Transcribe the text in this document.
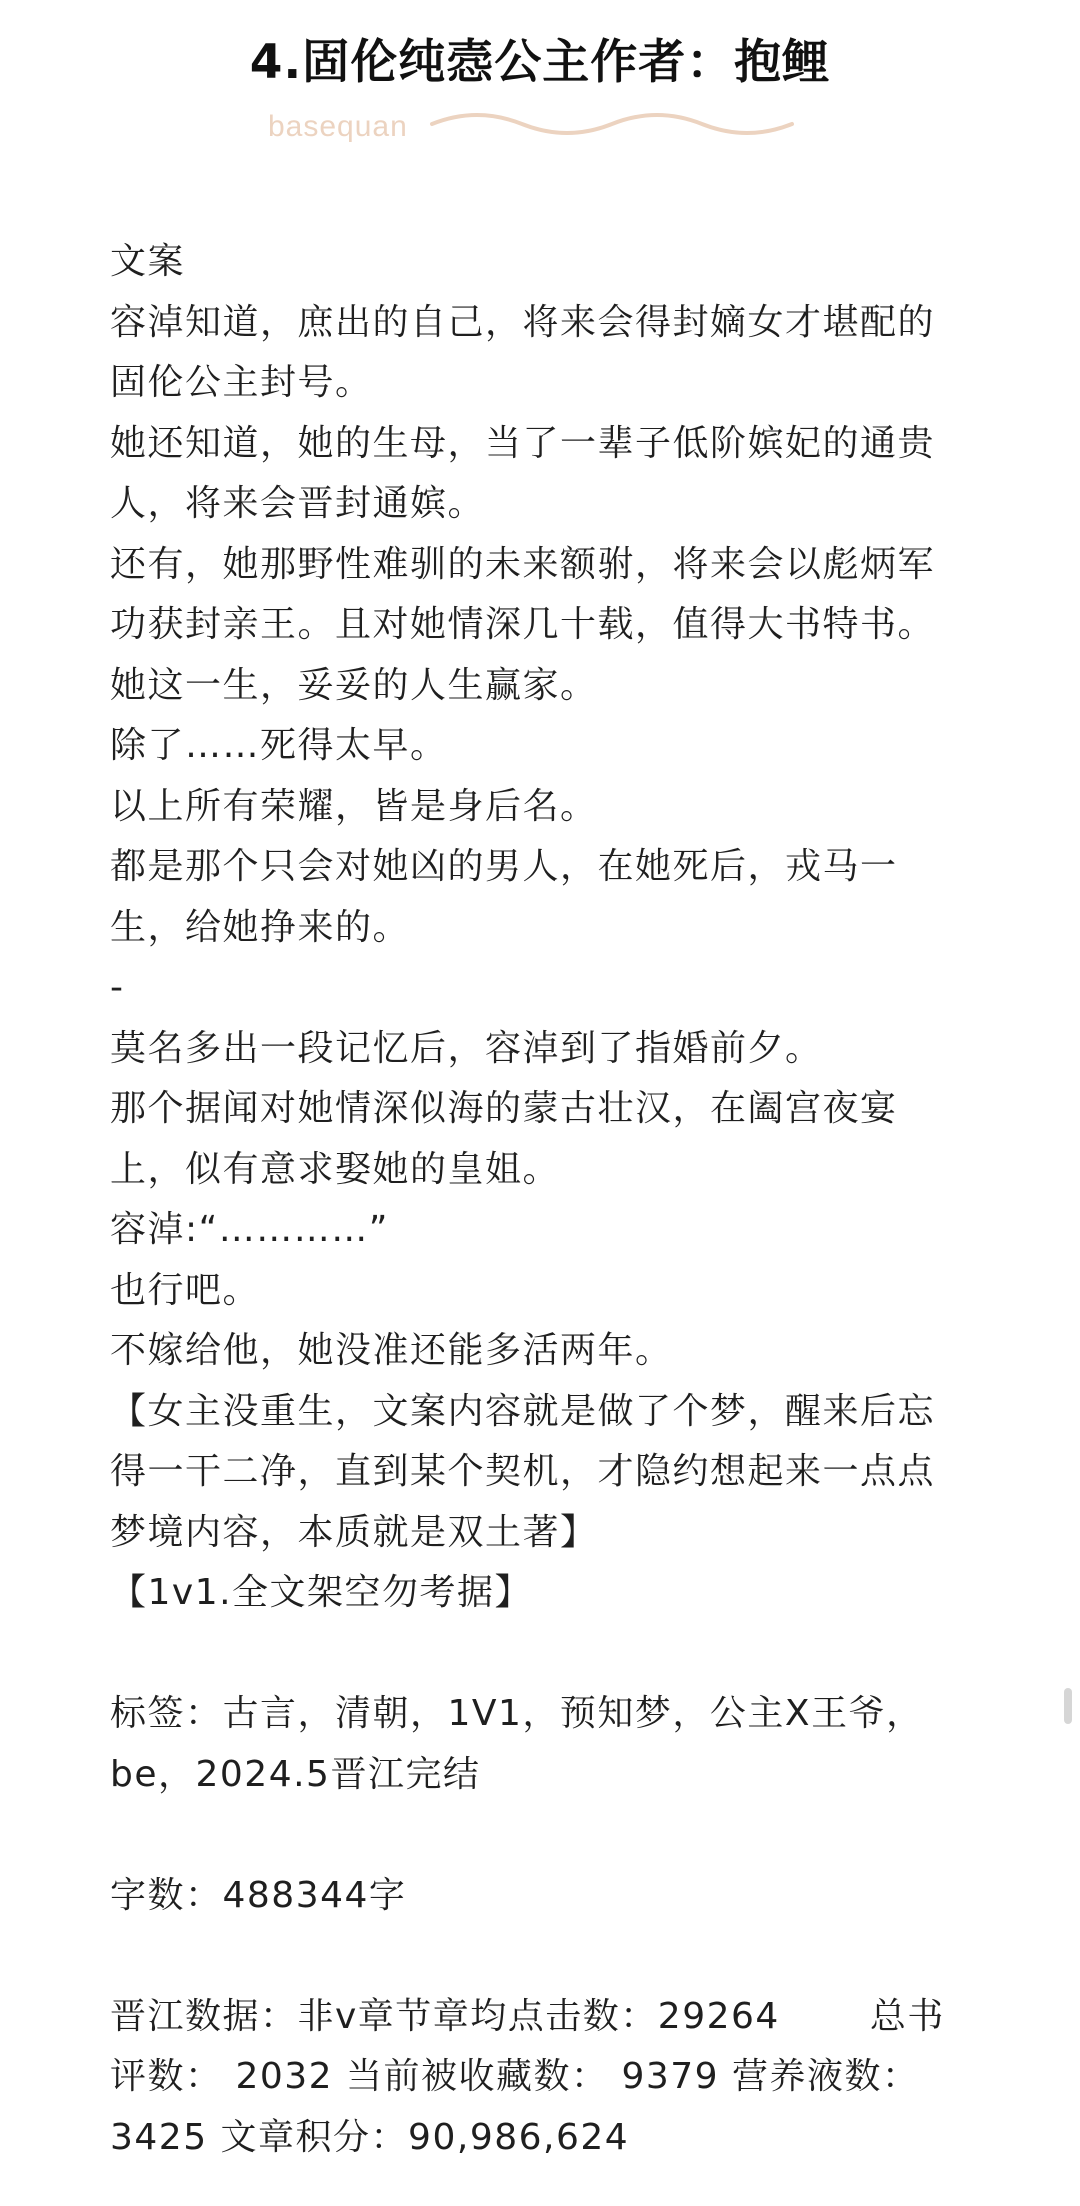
4.固伦纯悫公主作者：抱鲤
basequan

文案

容淖知道，庶出的自己，将来会得封嫡女才堪配的

固伦公主封号。

她还知道，她的生母，当了一辈子低阶嫔妃的通贵

人，将来会晋封通嫔。

还有，她那野性难驯的未来额驸，将来会以彪炳军

功获封亲王。且对她情深几十载，值得大书特书。

她这一生，妥妥的人生赢家。

除了……死得太早。

以上所有荣耀，皆是身后名。

都是那个只会对她凶的男人，在她死后，戎马一

生，给她挣来的。

-

莫名多出一段记忆后，容淖到了指婚前夕。

那个据闻对她情深似海的蒙古壮汉，在阖宫夜宴

上，似有意求娶她的皇姐。

容淖:“…………”

也行吧。

不嫁给他，她没准还能多活两年。

【女主没重生，文案内容就是做了个梦，醒来后忘

得一干二净，直到某个契机，才隐约想起来一点点

梦境内容，本质就是双土著】

【1v1.全文架空勿考据】

标签：古言，清朝，1V1，预知梦，公主X王爷，

be，2024.5晋江完结

字数：488344字

晋江数据：非v章节章均点击数：29264	总书

评数： 2032 当前被收藏数： 9379 营养液数：

3425 文章积分：90,986,624
